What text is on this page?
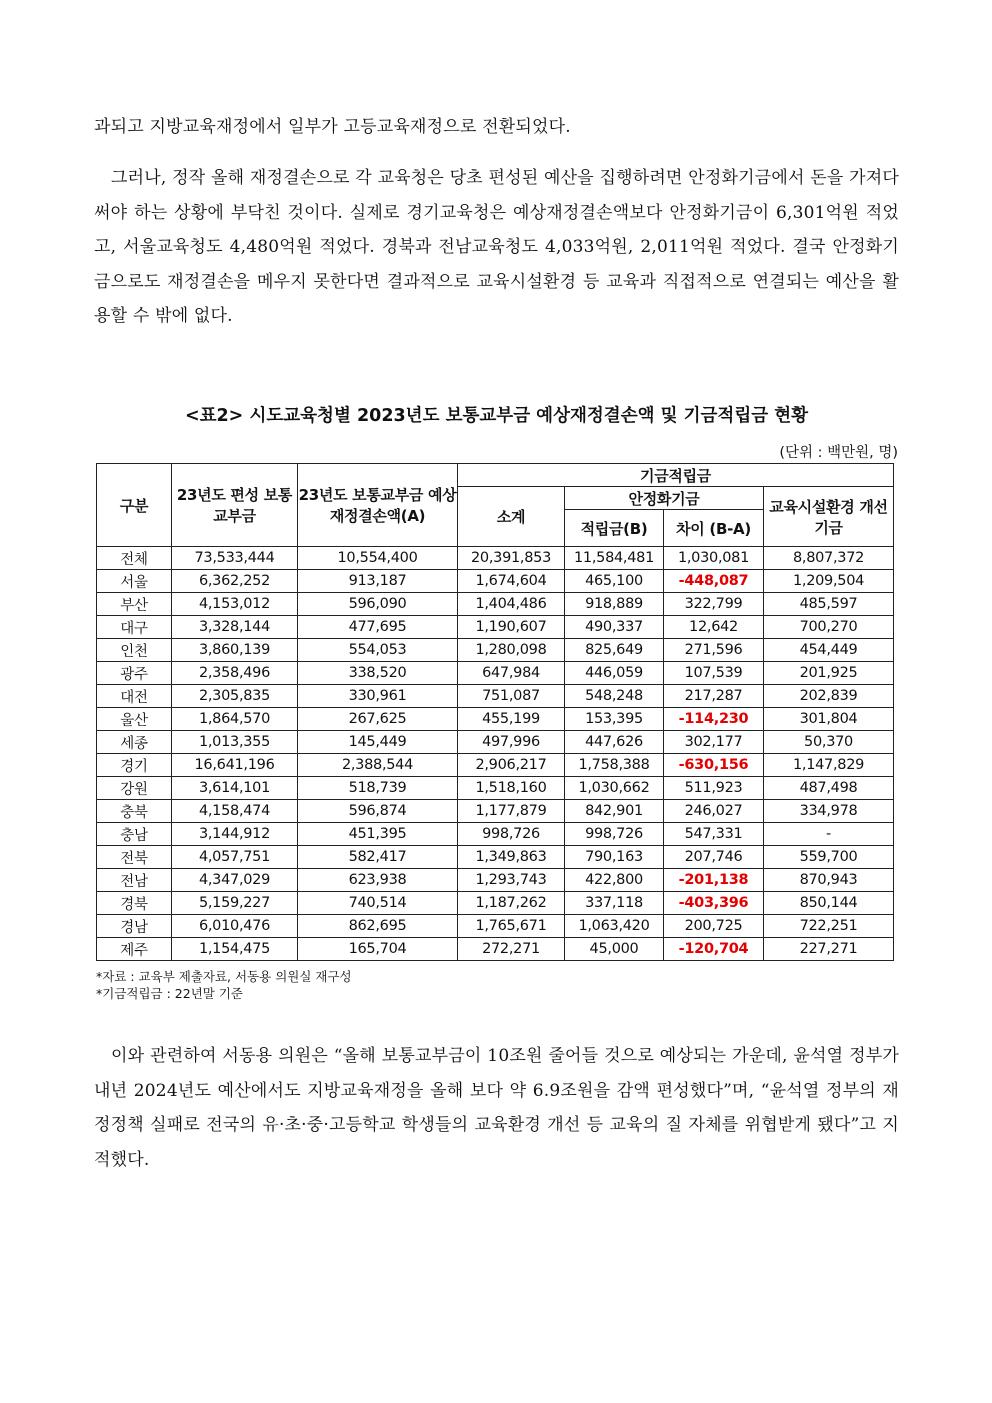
과되고 지방교육재정에서 일부가 고등교육재정으로 전환되었다.

그러나, 정작 올해 재정결손으로 각 교육청은 당초 편성된 예산을 집행하려면 안정화기금에서 돈을 가져다 써야 하는 상황에 부닥친 것이다. 실제로 경기교육청은 예상재정결손액보다 안정화기금이 6,301억원 적었고, 서울교육청도 4,480억원 적었다. 경북과 전남교육청도 4,033억원, 2,011억원 적었다. 결국 안정화기금으로도 재정결손을 메우지 못한다면 결과적으로 교육시설환경 등 교육과 직접적으로 연결되는 예산을 활용할 수 밖에 없다.

<표2> 시도교육청별 2023년도 보통교부금 예상재정결손액 및 기금적립금 현황

(단위 : 백만원, 명)

구분	23년도 편성 보통교부금	23년도 보통교부금 예상재정결손액(A)	기금적립금			
			소계	안정화기금		교육시설환경 개선기금
				적립금(B)	차이 (B-A)	
전체	73,533,444	10,554,400	20,391,853	11,584,481	1,030,081	8,807,372
서울	6,362,252	913,187	1,674,604	465,100	-448,087	1,209,504
부산	4,153,012	596,090	1,404,486	918,889	322,799	485,597
대구	3,328,144	477,695	1,190,607	490,337	12,642	700,270
인천	3,860,139	554,053	1,280,098	825,649	271,596	454,449
광주	2,358,496	338,520	647,984	446,059	107,539	201,925
대전	2,305,835	330,961	751,087	548,248	217,287	202,839
울산	1,864,570	267,625	455,199	153,395	-114,230	301,804
세종	1,013,355	145,449	497,996	447,626	302,177	50,370
경기	16,641,196	2,388,544	2,906,217	1,758,388	-630,156	1,147,829
강원	3,614,101	518,739	1,518,160	1,030,662	511,923	487,498
충북	4,158,474	596,874	1,177,879	842,901	246,027	334,978
충남	3,144,912	451,395	998,726	998,726	547,331	-
전북	4,057,751	582,417	1,349,863	790,163	207,746	559,700
전남	4,347,029	623,938	1,293,743	422,800	-201,138	870,943
경북	5,159,227	740,514	1,187,262	337,118	-403,396	850,144
경남	6,010,476	862,695	1,765,671	1,063,420	200,725	722,251
제주	1,154,475	165,704	272,271	45,000	-120,704	227,271
*자료 : 교육부 제출자료, 서동용 의원실 재구성
*기금적립금 : 22년말 기준

이와 관련하여 서동용 의원은 “올해 보통교부금이 10조원 줄어들 것으로 예상되는 가운데, 윤석열 정부가 내년 2024년도 예산에서도 지방교육재정을 올해 보다 약 6.9조원을 감액 편성했다”며, “윤석열 정부의 재정정책 실패로 전국의 유·초·중·고등학교 학생들의 교육환경 개선 등 교육의 질 자체를 위협받게 됐다”고 지적했다.
